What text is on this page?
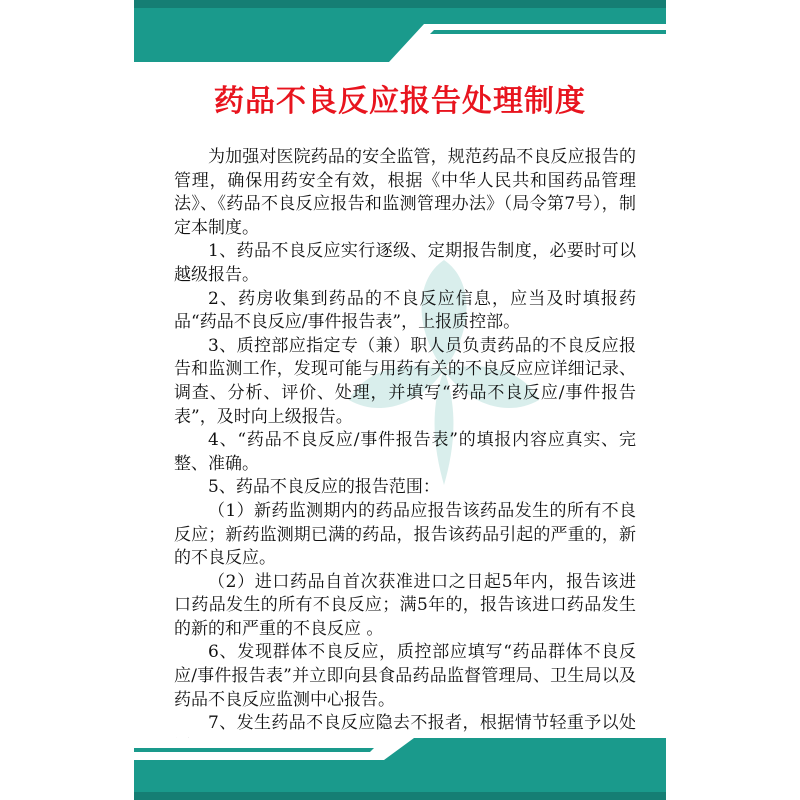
药品不良反应报告处理制度

为加强对医院药品的安全监管，规范药品不良反应报告的管理，确保用药安全有效，根据《中华人民共和国药品管理法》、《药品不良反应报告和监测管理办法》（局令第7号），制定本制度。

1、药品不良反应实行逐级、定期报告制度，必要时可以越级报告。

2、药房收集到药品的不良反应信息，应当及时填报药品“药品不良反应/事件报告表”，上报质控部。

3、质控部应指定专（兼）职人员负责药品的不良反应报告和监测工作，发现可能与用药有关的不良反应应详细记录、调查、分析、评价、处理，并填写“药品不良反应/事件报告表”，及时向上级报告。

4、“药品不良反应/事件报告表”的填报内容应真实、完整、准确。

5、药品不良反应的报告范围：

（1）新药监测期内的药品应报告该药品发生的所有不良反应；新药监测期已满的药品，报告该药品引起的严重的，新的不良反应。

（2）进口药品自首次获准进口之日起5年内，报告该进口药品发生的所有不良反应；满5年的，报告该进口药品发生的新的和严重的不良反应 。

6、发现群体不良反应，质控部应填写“药品群体不良反应/事件报告表”并立即向县食品药品监督管理局、卫生局以及药品不良反应监测中心报告。

7、发生药品不良反应隐去不报者，根据情节轻重予以处
